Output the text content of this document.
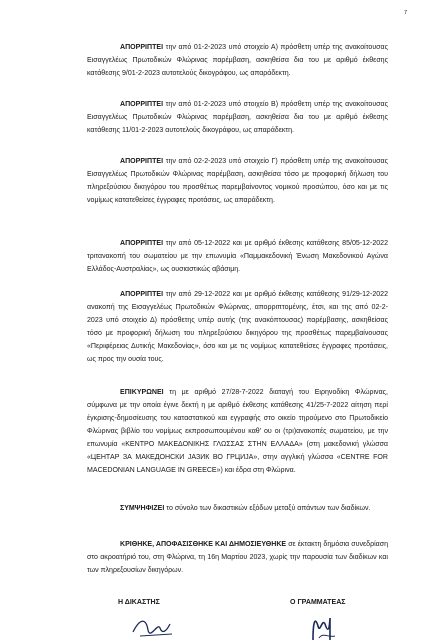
7
ΑΠΟΡΡΙΠΤΕΙ την από 01-2-2023 υπό στοιχείο Α) πρόσθετη υπέρ της ανακοίτουσας Εισαγγελέως Πρωτοδικών Φλώρινας παρέμβαση, ασκηθείσα δια του με αριθμό έκθεσης κατάθεσης 9/01-2-2023 αυτοτελούς δικογράφου, ως απαράδεκτη.
ΑΠΟΡΡΙΠΤΕΙ την από 01-2-2023 υπό στοιχείο Β) πρόσθετη υπέρ της ανακοίτουσας Εισαγγελέως Πρωτοδικών Φλώρινας παρέμβαση, ασκηθείσα δια του με αριθμό έκθεσης κατάθεσης 11/01-2-2023 αυτοτελούς δικογράφου, ως απαράδεκτη.
ΑΠΟΡΡΙΠΤΕΙ την από 02-2-2023 υπό στοιχείο Γ) πρόσθετη υπέρ της ανακοίτουσας Εισαγγελέως Πρωτοδικών Φλώρινας παρέμβαση, ασκηθείσα τόσο με προφορική δήλωση του πληρεξούσιου δικηγόρου του προσθέτως παρεμβαίνοντος νομικού προσώπου, όσο και με τις νομίμως κατατεθείσες έγγραφες προτάσεις, ως απαράδεκτη.
ΑΠΟΡΡΙΠΤΕΙ την από 05-12-2022 και με αριθμό έκθεσης κατάθεσης 85/05-12-2022 τριτανακοπή του σωματείου με την επωνυμία «Παμμακεδονική Ένωση Μακεδονικού Αγώνα Ελλάδος-Αυστραλίας», ως ουσιαστικώς αβάσιμη.
ΑΠΟΡΡΙΠΤΕΙ την από 29-12-2022 και με αριθμό έκθεσης κατάθεσης 91/29-12-2022 ανακοπή της Εισαγγελέως Πρωτοδικών Φλώρινας, απορριπτομένης, έτσι, και της από 02-2-2023 υπό στοιχείο Δ) πρόσθετης υπέρ αυτής (της ανακόπτουσας) παρέμβασης, ασκηθείσας τόσο με προφορική δήλωση του πληρεξούσιου δικηγόρου της προσθέτως παρεμβαίνουσας «Περιφέρειας Δυτικής Μακεδονίας», όσο και με τις νομίμως κατατεθείσες έγγραφες προτάσεις, ως προς την ουσία τους.
ΕΠΙΚΥΡΩΝΕΙ τη με αριθμό 27/28-7-2022 διαταγή του Ειρηνοδίκη Φλώρινας, σύμφωνα με την οποία έγινε δεκτή η με αριθμό έκθεσης κατάθεσης 41/25-7-2022 αίτηση περί έγκρισης-δημοσίευσης του καταστατικού και εγγραφής στο οικείο τηρούμενο στο Πρωτοδικείο Φλώρινας βιβλίο του νομίμως εκπροσωπουμένου καθ' ου οι (τρι)ανακοπές σωματείου, με την επωνυμία «ΚΕΝΤΡΟ ΜΑΚΕΔΟΝΙΚΗΣ ΓΛΩΣΣΑΣ ΣΤΗΝ ΕΛΛΑΔΑ» (στη μακεδονική γλώσσα «ЦЕНТАР ЗА МАКЕДОНСКИ ЈАЗИК ВО ГРЦИЈА», στην αγγλική γλώσσα «CENTRE FOR MACEDONIAN LANGUAGE IN GREECE») και έδρα στη Φλώρινα.
ΣΥΜΨΗΦΙΖΕΙ το σύνολο των δικαστικών εξόδων μεταξύ απάντων των διαδίκων.
ΚΡΙΘΗΚΕ, ΑΠΟΦΑΣΙΣΘΗΚΕ ΚΑΙ ΔΗΜΟΣΙΕΥΘΗΚΕ σε έκτακτη δημόσια συνεδρίαση στο ακροατήριό του, στη Φλώρινα, τη 16η Μαρτίου 2023, χωρίς την παρουσία των διαδίκων και των πληρεξουσίων δικηγόρων.
Η ΔΙΚΑΣΤΗΣ	Ο ΓΡΑΜΜΑΤΕΑΣ
